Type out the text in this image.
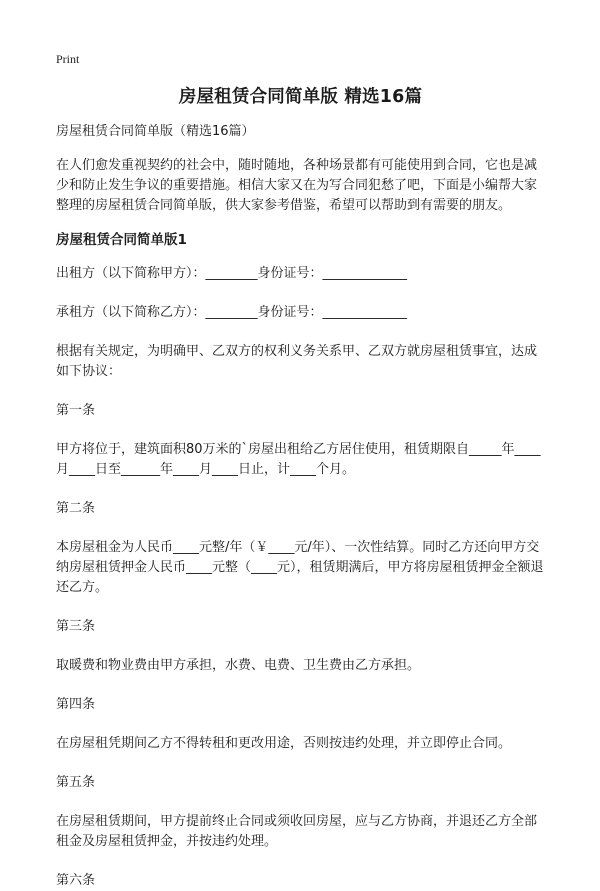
Print
房屋租赁合同简单版 精选16篇

房屋租赁合同简单版（精选16篇）

在人们愈发重视契约的社会中，随时随地，各种场景都有可能使用到合同，它也是减少和防止发生争议的重要措施。相信大家又在为写合同犯愁了吧，下面是小编帮大家整理的房屋租赁合同简单版，供大家参考借鉴，希望可以帮助到有需要的朋友。

房屋租赁合同简单版1

出租方（以下简称甲方）：________身份证号：_____________

承租方（以下简称乙方）：________身份证号：_____________

根据有关规定，为明确甲、乙双方的权利义务关系甲、乙双方就房屋租赁事宜，达成如下协议：

第一条

甲方将位于，建筑面积80万米的`房屋出租给乙方居住使用，租赁期限自_____年____月____日至______年____月____日止，计____个月。

第二条

本房屋租金为人民币____元整/年（￥____元/年）、一次性结算。同时乙方还向甲方交纳房屋租赁押金人民币____元整（____元），租赁期满后，甲方将房屋租赁押金全额退还乙方。

第三条

取暖费和物业费由甲方承担，水费、电费、卫生费由乙方承担。

第四条

在房屋租凭期间乙方不得转租和更改用途，否则按违约处理，并立即停止合同。

第五条

在房屋租赁期间，甲方提前终止合同或须收回房屋，应与乙方协商，并退还乙方全部租金及房屋租赁押金，并按违约处理。

第六条
